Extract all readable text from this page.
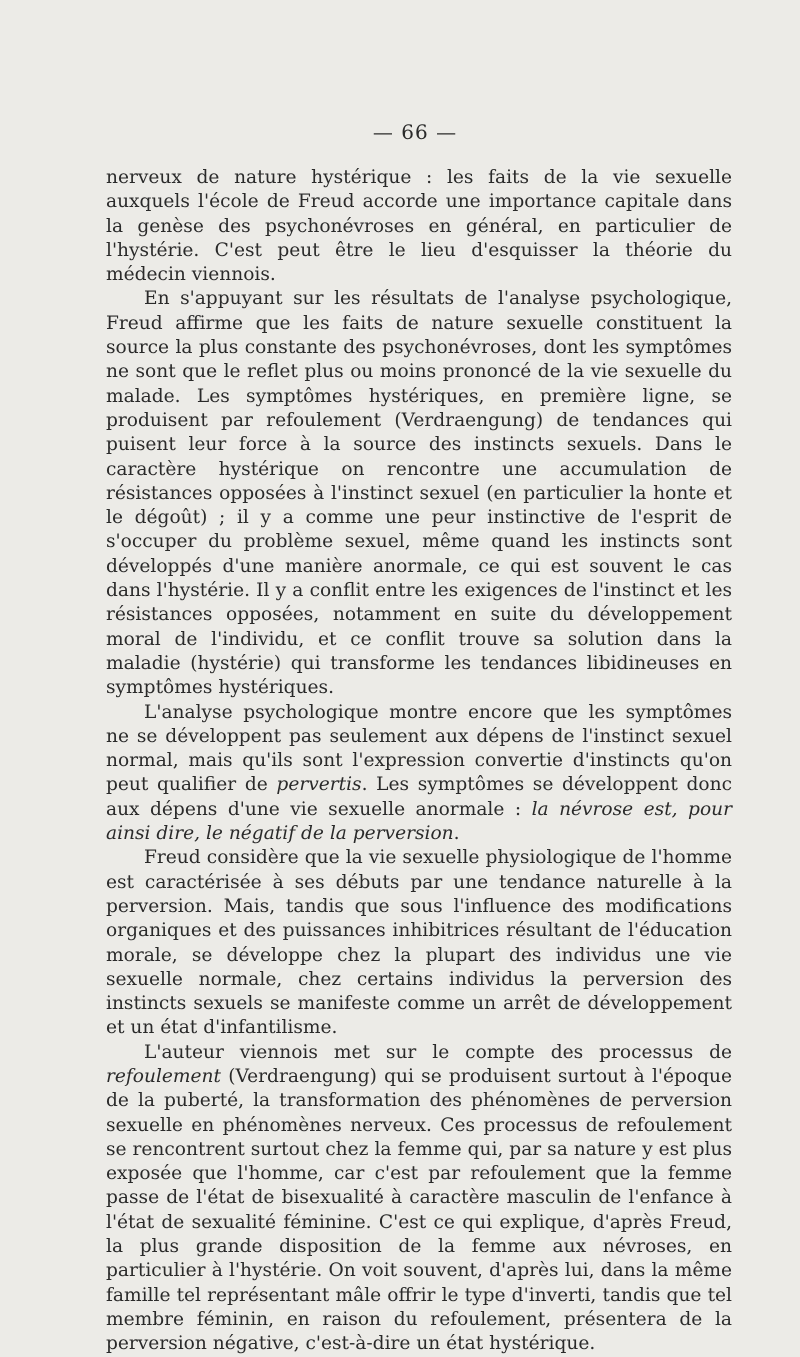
— 66 —

nerveux de nature hystérique : les faits de la vie sexuelle auxquels l'école de Freud accorde une importance capitale dans la genèse des psychonévroses en général, en particulier de l'hystérie. C'est peut être le lieu d'esquisser la théorie du médecin viennois.

En s'appuyant sur les résultats de l'analyse psychologique, Freud affirme que les faits de nature sexuelle constituent la source la plus constante des psychonévroses, dont les symptômes ne sont que le reflet plus ou moins prononcé de la vie sexuelle du malade. Les symptômes hystériques, en première ligne, se produisent par refoulement (Verdraengung) de tendances qui puisent leur force à la source des instincts sexuels. Dans le caractère hystérique on rencontre une accumulation de résistances opposées à l'instinct sexuel (en particulier la honte et le dégoût) ; il y a comme une peur instinctive de l'esprit de s'occuper du problème sexuel, même quand les instincts sont développés d'une manière anormale, ce qui est souvent le cas dans l'hystérie. Il y a conflit entre les exigences de l'instinct et les résistances opposées, notamment en suite du développement moral de l'individu, et ce conflit trouve sa solution dans la maladie (hystérie) qui transforme les tendances libidineuses en symptômes hystériques.

L'analyse psychologique montre encore que les symptômes ne se développent pas seulement aux dépens de l'instinct sexuel normal, mais qu'ils sont l'expression convertie d'instincts qu'on peut qualifier de pervertis. Les symptômes se développent donc aux dépens d'une vie sexuelle anormale : la névrose est, pour ainsi dire, le négatif de la perversion.

Freud considère que la vie sexuelle physiologique de l'homme est caractérisée à ses débuts par une tendance naturelle à la perversion. Mais, tandis que sous l'influence des modifications organiques et des puissances inhibitrices résultant de l'éducation morale, se développe chez la plupart des individus une vie sexuelle normale, chez certains individus la perversion des instincts sexuels se manifeste comme un arrêt de développement et un état d'infantilisme.

L'auteur viennois met sur le compte des processus de refoulement (Verdraengung) qui se produisent surtout à l'époque de la puberté, la transformation des phénomènes de perversion sexuelle en phénomènes nerveux. Ces processus de refoulement se rencontrent surtout chez la femme qui, par sa nature y est plus exposée que l'homme, car c'est par refoulement que la femme passe de l'état de bisexualité à caractère masculin de l'enfance à l'état de sexualité féminine. C'est ce qui explique, d'après Freud, la plus grande disposition de la femme aux névroses, en particulier à l'hystérie. On voit souvent, d'après lui, dans la même famille tel représentant mâle offrir le type d'inverti, tandis que tel membre féminin, en raison du refoulement, présentera de la perversion négative, c'est-à-dire un état hystérique.
